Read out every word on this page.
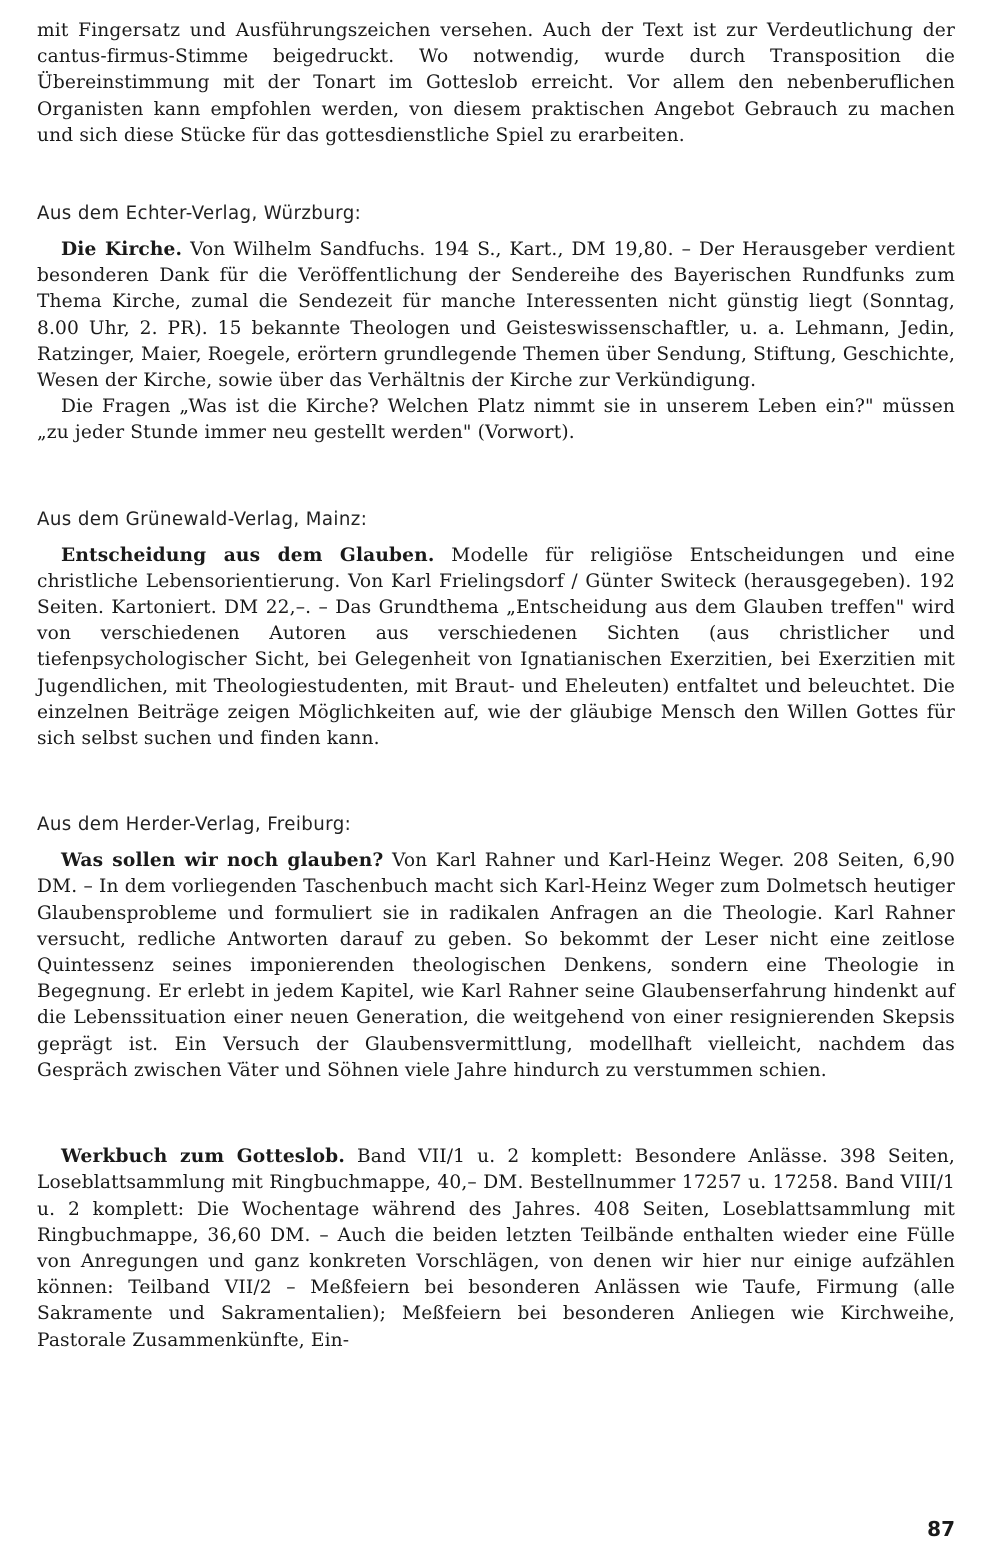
mit Fingersatz und Ausführungszeichen versehen. Auch der Text ist zur Verdeutlichung der cantus-firmus-Stimme beigedruckt. Wo notwendig, wurde durch Transposition die Übereinstimmung mit der Tonart im Gotteslob erreicht. Vor allem den nebenberuflichen Organisten kann empfohlen werden, von diesem praktischen Angebot Gebrauch zu machen und sich diese Stücke für das gottesdienstliche Spiel zu erarbeiten.

Aus dem Echter-Verlag, Würzburg:

Die Kirche. Von Wilhelm Sandfuchs. 194 S., Kart., DM 19,80. – Der Herausgeber verdient besonderen Dank für die Veröffentlichung der Sendereihe des Bayerischen Rundfunks zum Thema Kirche, zumal die Sendezeit für manche Interessenten nicht günstig liegt (Sonntag, 8.00 Uhr, 2. PR). 15 bekannte Theologen und Geisteswissenschaftler, u. a. Lehmann, Jedin, Ratzinger, Maier, Roegele, erörtern grundlegende Themen über Sendung, Stiftung, Geschichte, Wesen der Kirche, sowie über das Verhältnis der Kirche zur Verkündigung.

Die Fragen „Was ist die Kirche? Welchen Platz nimmt sie in unserem Leben ein?" müssen „zu jeder Stunde immer neu gestellt werden" (Vorwort).

Aus dem Grünewald-Verlag, Mainz:

Entscheidung aus dem Glauben. Modelle für religiöse Entscheidungen und eine christliche Lebensorientierung. Von Karl Frielingsdorf / Günter Switeck (herausgegeben). 192 Seiten. Kartoniert. DM 22,–. – Das Grundthema „Entscheidung aus dem Glauben treffen" wird von verschiedenen Autoren aus verschiedenen Sichten (aus christlicher und tiefenpsychologischer Sicht, bei Gelegenheit von Ignatianischen Exerzitien, bei Exerzitien mit Jugendlichen, mit Theologiestudenten, mit Braut- und Eheleuten) entfaltet und beleuchtet. Die einzelnen Beiträge zeigen Möglichkeiten auf, wie der gläubige Mensch den Willen Gottes für sich selbst suchen und finden kann.

Aus dem Herder-Verlag, Freiburg:

Was sollen wir noch glauben? Von Karl Rahner und Karl-Heinz Weger. 208 Seiten, 6,90 DM. – In dem vorliegenden Taschenbuch macht sich Karl-Heinz Weger zum Dolmetsch heutiger Glaubensprobleme und formuliert sie in radikalen Anfragen an die Theologie. Karl Rahner versucht, redliche Antworten darauf zu geben. So bekommt der Leser nicht eine zeitlose Quintessenz seines imponierenden theologischen Denkens, sondern eine Theologie in Begegnung. Er erlebt in jedem Kapitel, wie Karl Rahner seine Glaubenserfahrung hindenkt auf die Lebenssituation einer neuen Generation, die weitgehend von einer resignierenden Skepsis geprägt ist. Ein Versuch der Glaubensvermittlung, modellhaft vielleicht, nachdem das Gespräch zwischen Väter und Söhnen viele Jahre hindurch zu verstummen schien.

Werkbuch zum Gotteslob. Band VII/1 u. 2 komplett: Besondere Anlässe. 398 Seiten, Loseblattsammlung mit Ringbuchmappe, 40,– DM. Bestellnummer 17257 u. 17258. Band VIII/1 u. 2 komplett: Die Wochentage während des Jahres. 408 Seiten, Loseblattsammlung mit Ringbuchmappe, 36,60 DM. – Auch die beiden letzten Teilbände enthalten wieder eine Fülle von Anregungen und ganz konkreten Vorschlägen, von denen wir hier nur einige aufzählen können: Teilband VII/2 – Meßfeiern bei besonderen Anlässen wie Taufe, Firmung (alle Sakramente und Sakramentalien); Meßfeiern bei besonderen Anliegen wie Kirchweihe, Pastorale Zusammenkünfte, Ein-

87
